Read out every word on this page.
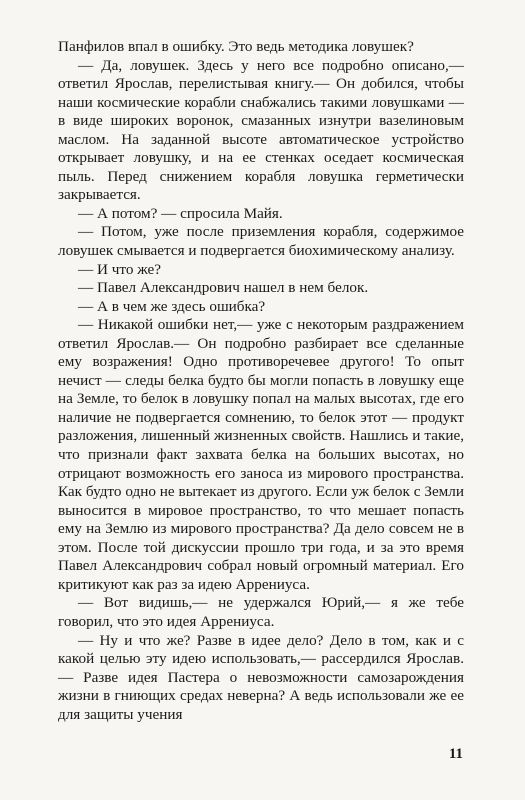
Панфилов впал в ошибку. Это ведь методика ловушек?

— Да, ловушек. Здесь у него все подробно описано,— ответил Ярослав, перелистывая книгу.— Он добился, чтобы наши космические корабли снабжались такими ловушками — в виде широких воронок, смазанных изнутри вазелиновым маслом. На заданной высоте автоматическое устройство открывает ловушку, и на ее стенках оседает космическая пыль. Перед снижением корабля ловушка герметически закрывается.

— А потом? — спросила Майя.

— Потом, уже после приземления корабля, содержимое ловушек смывается и подвергается биохимическому анализу.

— И что же?

— Павел Александрович нашел в нем белок.

— А в чем же здесь ошибка?

— Никакой ошибки нет,— уже с некоторым раздражением ответил Ярослав.— Он подробно разбирает все сделанные ему возражения! Одно противоречевее другого! То опыт нечист — следы белка будто бы могли попасть в ловушку еще на Земле, то белок в ловушку попал на малых высотах, где его наличие не подвергается сомнению, то белок этот — продукт разложения, лишенный жизненных свойств. Нашлись и такие, что признали факт захвата белка на больших высотах, но отрицают возможность его заноса из мирового пространства. Как будто одно не вытекает из другого. Если уж белок с Земли выносится в мировое пространство, то что мешает попасть ему на Землю из мирового пространства? Да дело совсем не в этом. После той дискуссии прошло три года, и за это время Павел Александрович собрал новый огромный материал. Его критикуют как раз за идею Аррениуса.

— Вот видишь,— не удержался Юрий,— я же тебе говорил, что это идея Аррениуса.

— Ну и что же? Разве в идее дело? Дело в том, как и с какой целью эту идею использовать,— рассердился Ярослав.— Разве идея Пастера о невозможности самозарождения жизни в гниющих средах неверна? А ведь использовали же ее для защиты учения

11
